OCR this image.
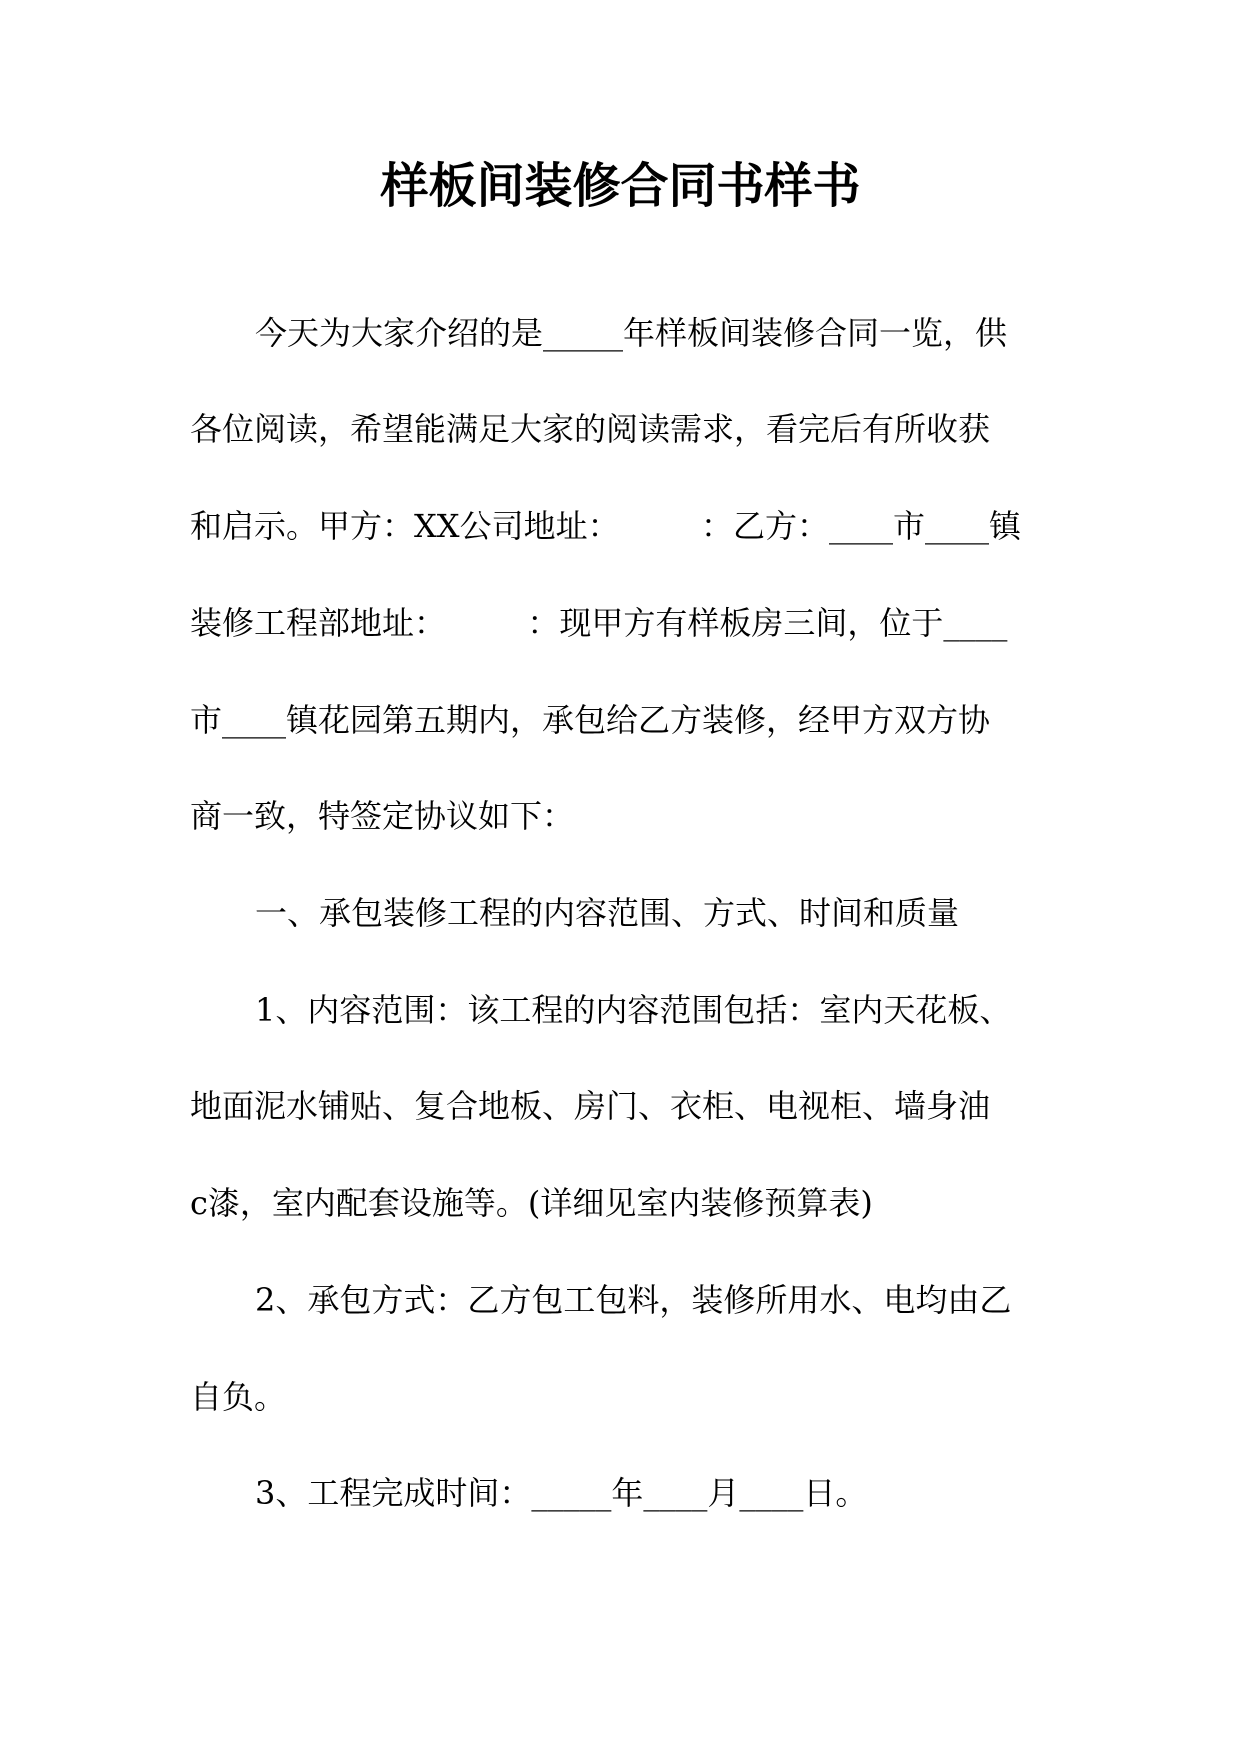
样板间装修合同书样书
今天为大家介绍的是_____年样板间装修合同一览，供
各位阅读，希望能满足大家的阅读需求，看完后有所收获
和启示。甲方：XX公司地址：        ：乙方：____市____镇
装修工程部地址：        ：现甲方有样板房三间，位于____
市____镇花园第五期内，承包给乙方装修，经甲方双方协
商一致，特签定协议如下：
一、承包装修工程的内容范围、方式、时间和质量
1、内容范围：该工程的内容范围包括：室内天花板、
地面泥水铺贴、复合地板、房门、衣柜、电视柜、墙身油
c漆，室内配套设施等。(详细见室内装修预算表)
2、承包方式：乙方包工包料，装修所用水、电均由乙
自负。
3、工程完成时间：_____年____月____日。
